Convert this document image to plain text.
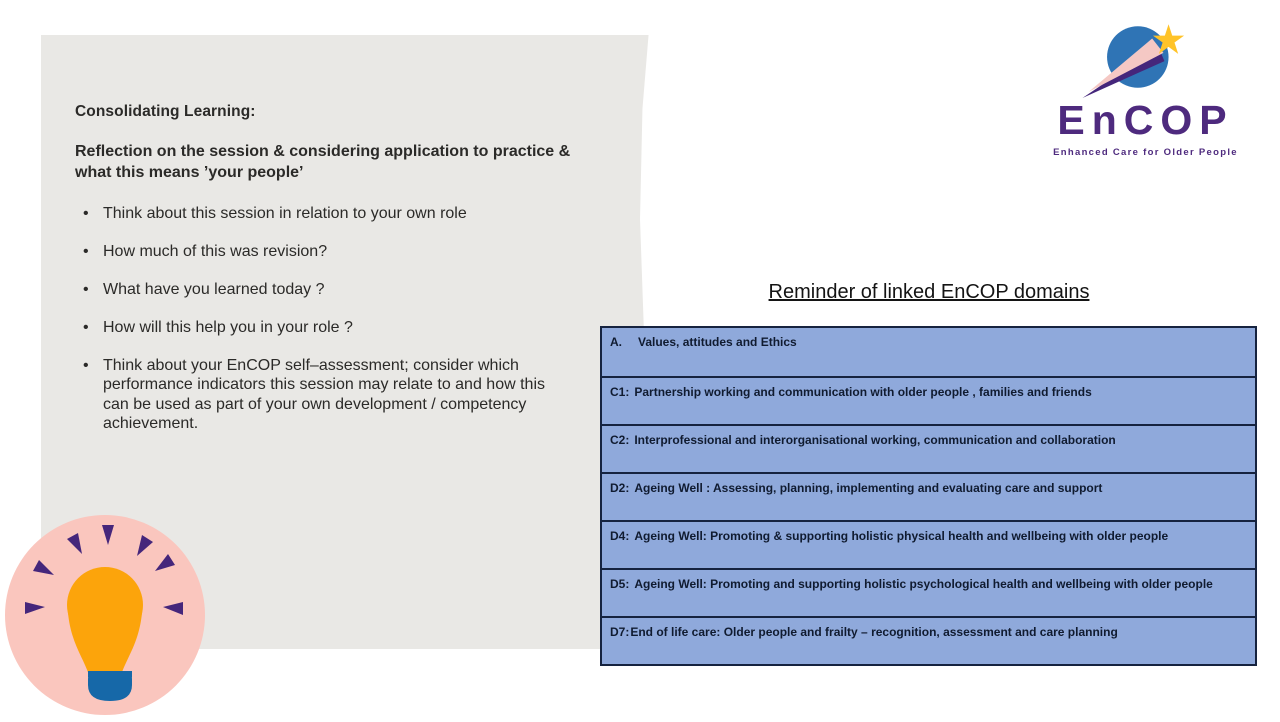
Consolidating Learning:
Reflection on the session & considering application to practice & what this means ’your people’
• Think about this session in relation to your own role
• How much of this was revision?
• What have you learned today ?
• How will this help you in your role ?
• Think about your EnCOP self–assessment; consider which performance indicators this session may relate to and how this can be used as part of your own development / competency achievement.
EnCOP
Enhanced Care for Older People
Reminder of linked EnCOP domains
A. Values, attitudes and Ethics
C1: Partnership working and communication with older people , families and friends
C2: Interprofessional and interorganisational working, communication and collaboration
D2: Ageing Well : Assessing, planning, implementing and evaluating care and support
D4: Ageing Well: Promoting & supporting holistic physical health and wellbeing with older people
D5: Ageing Well: Promoting and supporting holistic psychological health and wellbeing with older people
D7:End of life care: Older people and frailty – recognition, assessment and care planning
